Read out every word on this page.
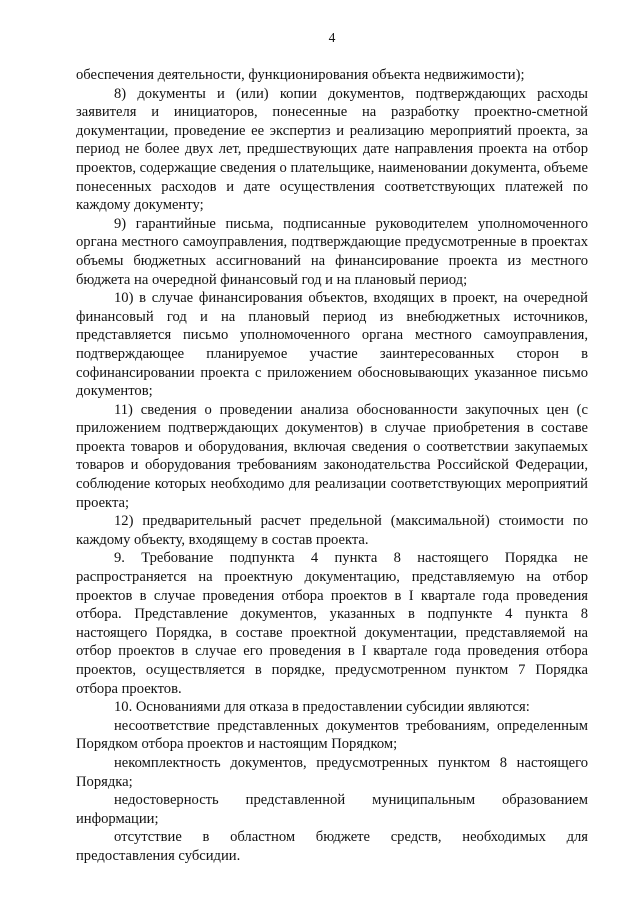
4

обеспечения деятельности, функционирования объекта недвижимости);

8) документы и (или) копии документов, подтверждающих расходы заявителя и инициаторов, понесенные на разработку проектно-сметной документации, проведение ее экспертиз и реализацию мероприятий проекта, за период не более двух лет, предшествующих дате направления проекта на отбор проектов, содержащие сведения о плательщике, наименовании документа, объеме понесенных расходов и дате осуществления соответствующих платежей по каждому документу;

9) гарантийные письма, подписанные руководителем уполномоченного органа местного самоуправления, подтверждающие предусмотренные в проектах объемы бюджетных ассигнований на финансирование проекта из местного бюджета на очередной финансовый год и на плановый период;

10) в случае финансирования объектов, входящих в проект, на очередной финансовый год и на плановый период из внебюджетных источников, представляется письмо уполномоченного органа местного самоуправления, подтверждающее планируемое участие заинтересованных сторон в софинансировании проекта с приложением обосновывающих указанное письмо документов;

11) сведения о проведении анализа обоснованности закупочных цен (с приложением подтверждающих документов) в случае приобретения в составе проекта товаров и оборудования, включая сведения о соответствии закупаемых товаров и оборудования требованиям законодательства Российской Федерации, соблюдение которых необходимо для реализации соответствующих мероприятий проекта;

12) предварительный расчет предельной (максимальной) стоимости по каждому объекту, входящему в состав проекта.

9. Требование подпункта 4 пункта 8 настоящего Порядка не распространяется на проектную документацию, представляемую на отбор проектов в случае проведения отбора проектов в I квартале года проведения отбора. Представление документов, указанных в подпункте 4 пункта 8 настоящего Порядка, в составе проектной документации, представляемой на отбор проектов в случае его проведения в I квартале года проведения отбора проектов, осуществляется в порядке, предусмотренном пунктом 7 Порядка отбора проектов.

10. Основаниями для отказа в предоставлении субсидии являются:

несоответствие представленных документов требованиям, определенным Порядком отбора проектов и настоящим Порядком;

некомплектность документов, предусмотренных пунктом 8 настоящего Порядка;

недостоверность представленной муниципальным образованием информации;

отсутствие в областном бюджете средств, необходимых для предоставления субсидии.
